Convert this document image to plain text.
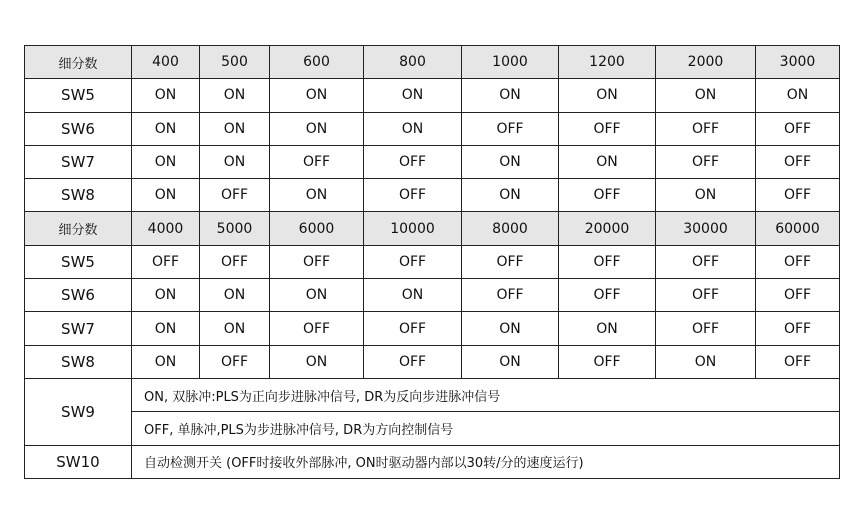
细分数	400	500	600	800	1000	1200	2000	3000
SW5	ON	ON	ON	ON	ON	ON	ON	ON
SW6	ON	ON	ON	ON	OFF	OFF	OFF	OFF
SW7	ON	ON	OFF	OFF	ON	ON	OFF	OFF
SW8	ON	OFF	ON	OFF	ON	OFF	ON	OFF
细分数	4000	5000	6000	10000	8000	20000	30000	60000
SW5	OFF	OFF	OFF	OFF	OFF	OFF	OFF	OFF
SW6	ON	ON	ON	ON	OFF	OFF	OFF	OFF
SW7	ON	ON	OFF	OFF	ON	ON	OFF	OFF
SW8	ON	OFF	ON	OFF	ON	OFF	ON	OFF
SW9	ON, 双脉冲:PLS为正向步进脉冲信号, DR为反向步进脉冲信号							
	OFF, 单脉冲,PLS为步进脉冲信号, DR为方向控制信号							
SW10	自动检测开关 (OFF时接收外部脉冲, ON时驱动器内部以30转/分的速度运行)							
